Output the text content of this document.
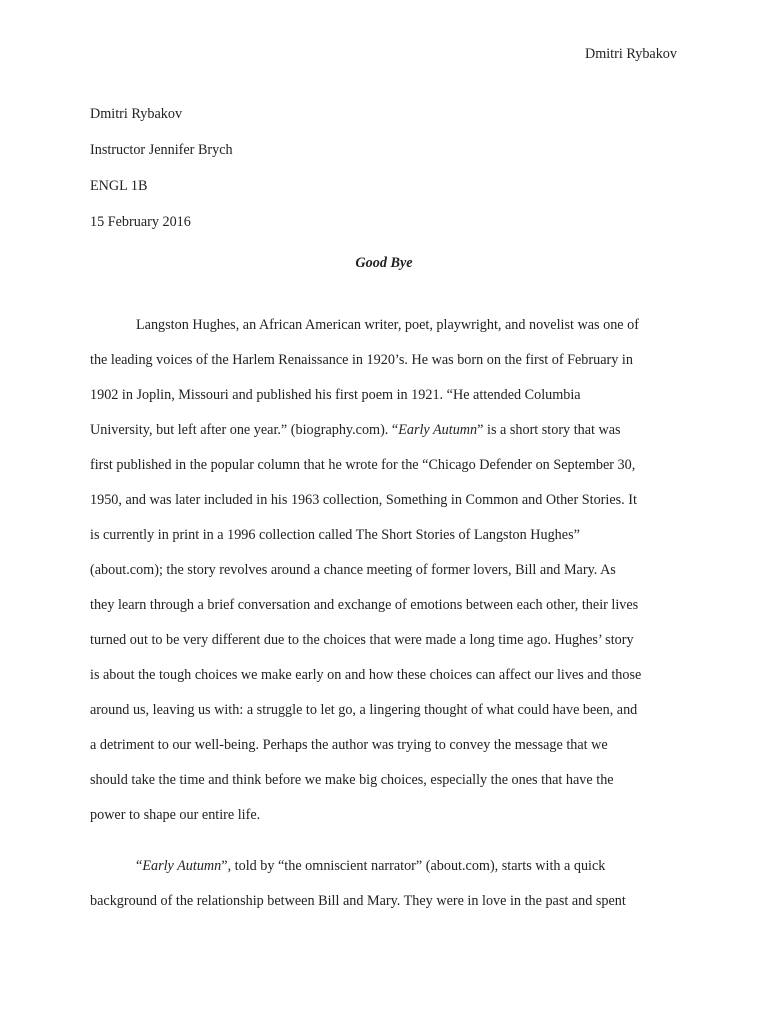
Dmitri Rybakov
Dmitri Rybakov
Instructor Jennifer Brych
ENGL 1B
15 February 2016
Good Bye
Langston Hughes, an African American writer, poet, playwright, and novelist was one of
the leading voices of the Harlem Renaissance in 1920’s. He was born on the first of February in
1902 in Joplin, Missouri and published his first poem in 1921. “He attended Columbia
University, but left after one year.” (biography.com). “Early Autumn” is a short story that was
first published in the popular column that he wrote for the “Chicago Defender on September 30,
1950, and was later included in his 1963 collection, Something in Common and Other Stories. It
is currently in print in a 1996 collection called The Short Stories of Langston Hughes”
(about.com); the story revolves around a chance meeting of former lovers, Bill and Mary. As
they learn through a brief conversation and exchange of emotions between each other, their lives
turned out to be very different due to the choices that were made a long time ago. Hughes’ story
is about the tough choices we make early on and how these choices can affect our lives and those
around us, leaving us with: a struggle to let go, a lingering thought of what could have been, and
a detriment to our well-being. Perhaps the author was trying to convey the message that we
should take the time and think before we make big choices, especially the ones that have the
power to shape our entire life.
“Early Autumn”, told by “the omniscient narrator” (about.com), starts with a quick
background of the relationship between Bill and Mary. They were in love in the past and spent
